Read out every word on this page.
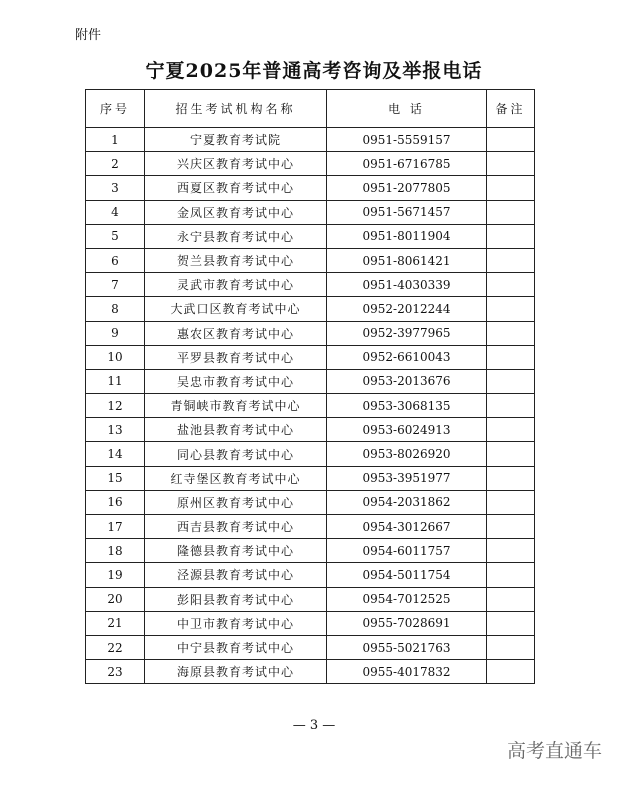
附件
宁夏2025年普通高考咨询及举报电话
序号	招生考试机构名称	电 话	备注
1	宁夏教育考试院	0951-5559157	
2	兴庆区教育考试中心	0951-6716785	
3	西夏区教育考试中心	0951-2077805	
4	金凤区教育考试中心	0951-5671457	
5	永宁县教育考试中心	0951-8011904	
6	贺兰县教育考试中心	0951-8061421	
7	灵武市教育考试中心	0951-4030339	
8	大武口区教育考试中心	0952-2012244	
9	惠农区教育考试中心	0952-3977965	
10	平罗县教育考试中心	0952-6610043	
11	吴忠市教育考试中心	0953-2013676	
12	青铜峡市教育考试中心	0953-3068135	
13	盐池县教育考试中心	0953-6024913	
14	同心县教育考试中心	0953-8026920	
15	红寺堡区教育考试中心	0953-3951977	
16	原州区教育考试中心	0954-2031862	
17	西吉县教育考试中心	0954-3012667	
18	隆德县教育考试中心	0954-6011757	
19	泾源县教育考试中心	0954-5011754	
20	彭阳县教育考试中心	0954-7012525	
21	中卫市教育考试中心	0955-7028691	
22	中宁县教育考试中心	0955-5021763	
23	海原县教育考试中心	0955-4017832	
— 3 —
高考直通车
